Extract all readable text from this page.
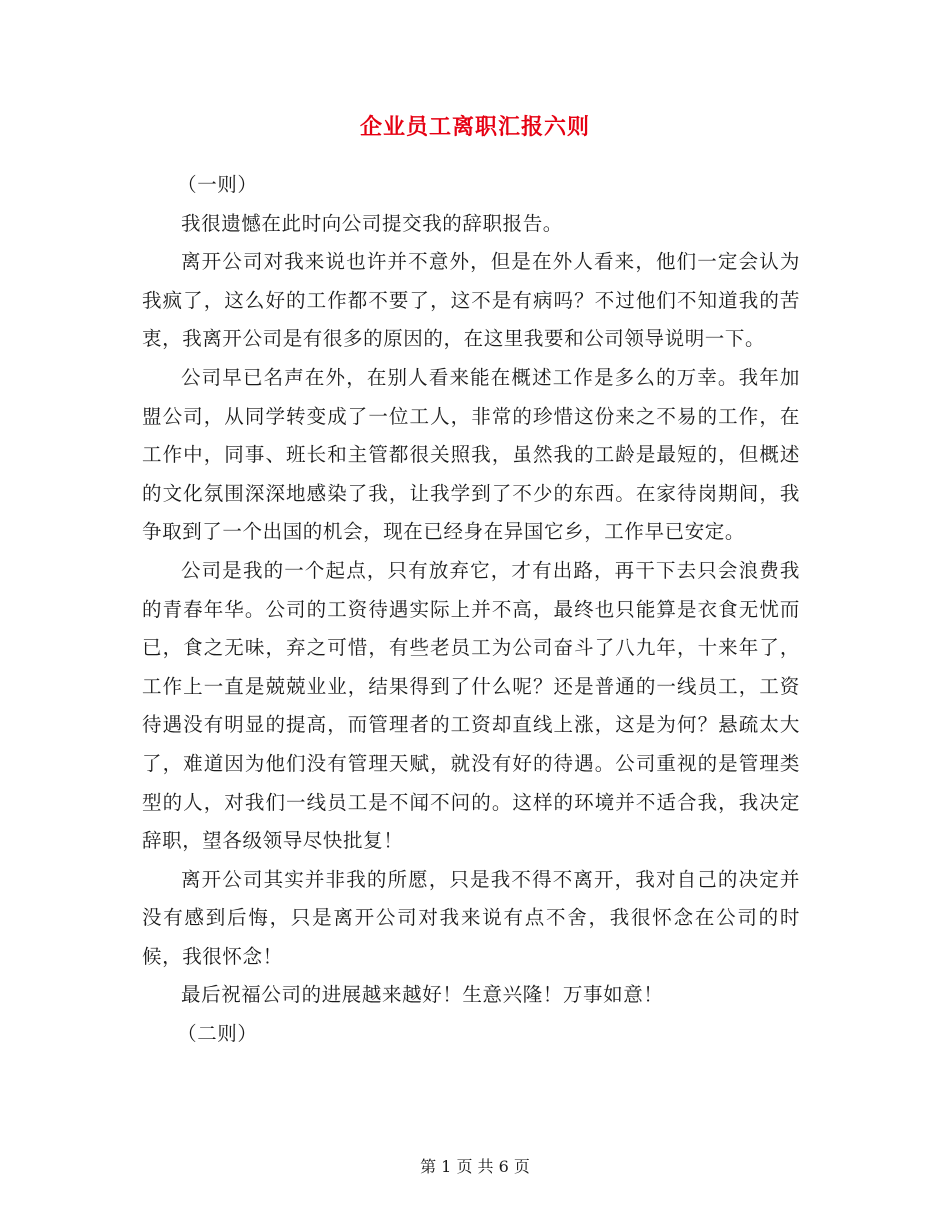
企业员工离职汇报六则

（一则）

我很遗憾在此时向公司提交我的辞职报告。

离开公司对我来说也许并不意外，但是在外人看来，他们一定会认为我疯了，这么好的工作都不要了，这不是有病吗？不过他们不知道我的苦衷，我离开公司是有很多的原因的，在这里我要和公司领导说明一下。

公司早已名声在外，在别人看来能在概述工作是多么的万幸。我年加盟公司，从同学转变成了一位工人，非常的珍惜这份来之不易的工作，在工作中，同事、班长和主管都很关照我，虽然我的工龄是最短的，但概述的文化氛围深深地感染了我，让我学到了不少的东西。在家待岗期间，我争取到了一个出国的机会，现在已经身在异国它乡，工作早已安定。

公司是我的一个起点，只有放弃它，才有出路，再干下去只会浪费我的青春年华。公司的工资待遇实际上并不高，最终也只能算是衣食无忧而已，食之无味，弃之可惜，有些老员工为公司奋斗了八九年，十来年了，工作上一直是兢兢业业，结果得到了什么呢？还是普通的一线员工，工资待遇没有明显的提高，而管理者的工资却直线上涨，这是为何？悬疏太大了，难道因为他们没有管理天赋，就没有好的待遇。公司重视的是管理类型的人，对我们一线员工是不闻不问的。这样的环境并不适合我，我决定辞职，望各级领导尽快批复！

离开公司其实并非我的所愿，只是我不得不离开，我对自己的决定并没有感到后悔，只是离开公司对我来说有点不舍，我很怀念在公司的时候，我很怀念！

最后祝福公司的进展越来越好！生意兴隆！万事如意！

（二则）

第 1 页 共 6 页
